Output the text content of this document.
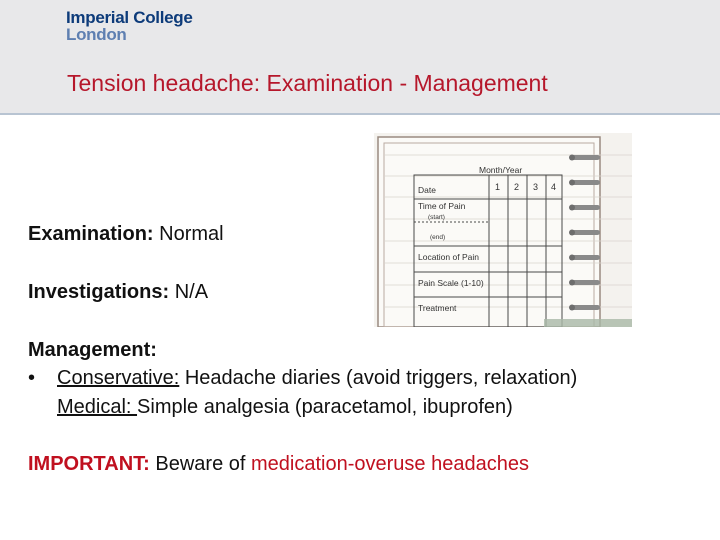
Imperial College
London
Tension headache: Examination - Management
Month/Year
1 2 3 4
Date
Time of Pain
(start)
(end)
Location of Pain
Pain Scale (1-10)
Treatment
Examination: Normal
Investigations: N/A
Management:
• Conservative: Headache diaries (avoid triggers, relaxation)
Medical: Simple analgesia (paracetamol, ibuprofen)
IMPORTANT: Beware of medication-overuse headaches
